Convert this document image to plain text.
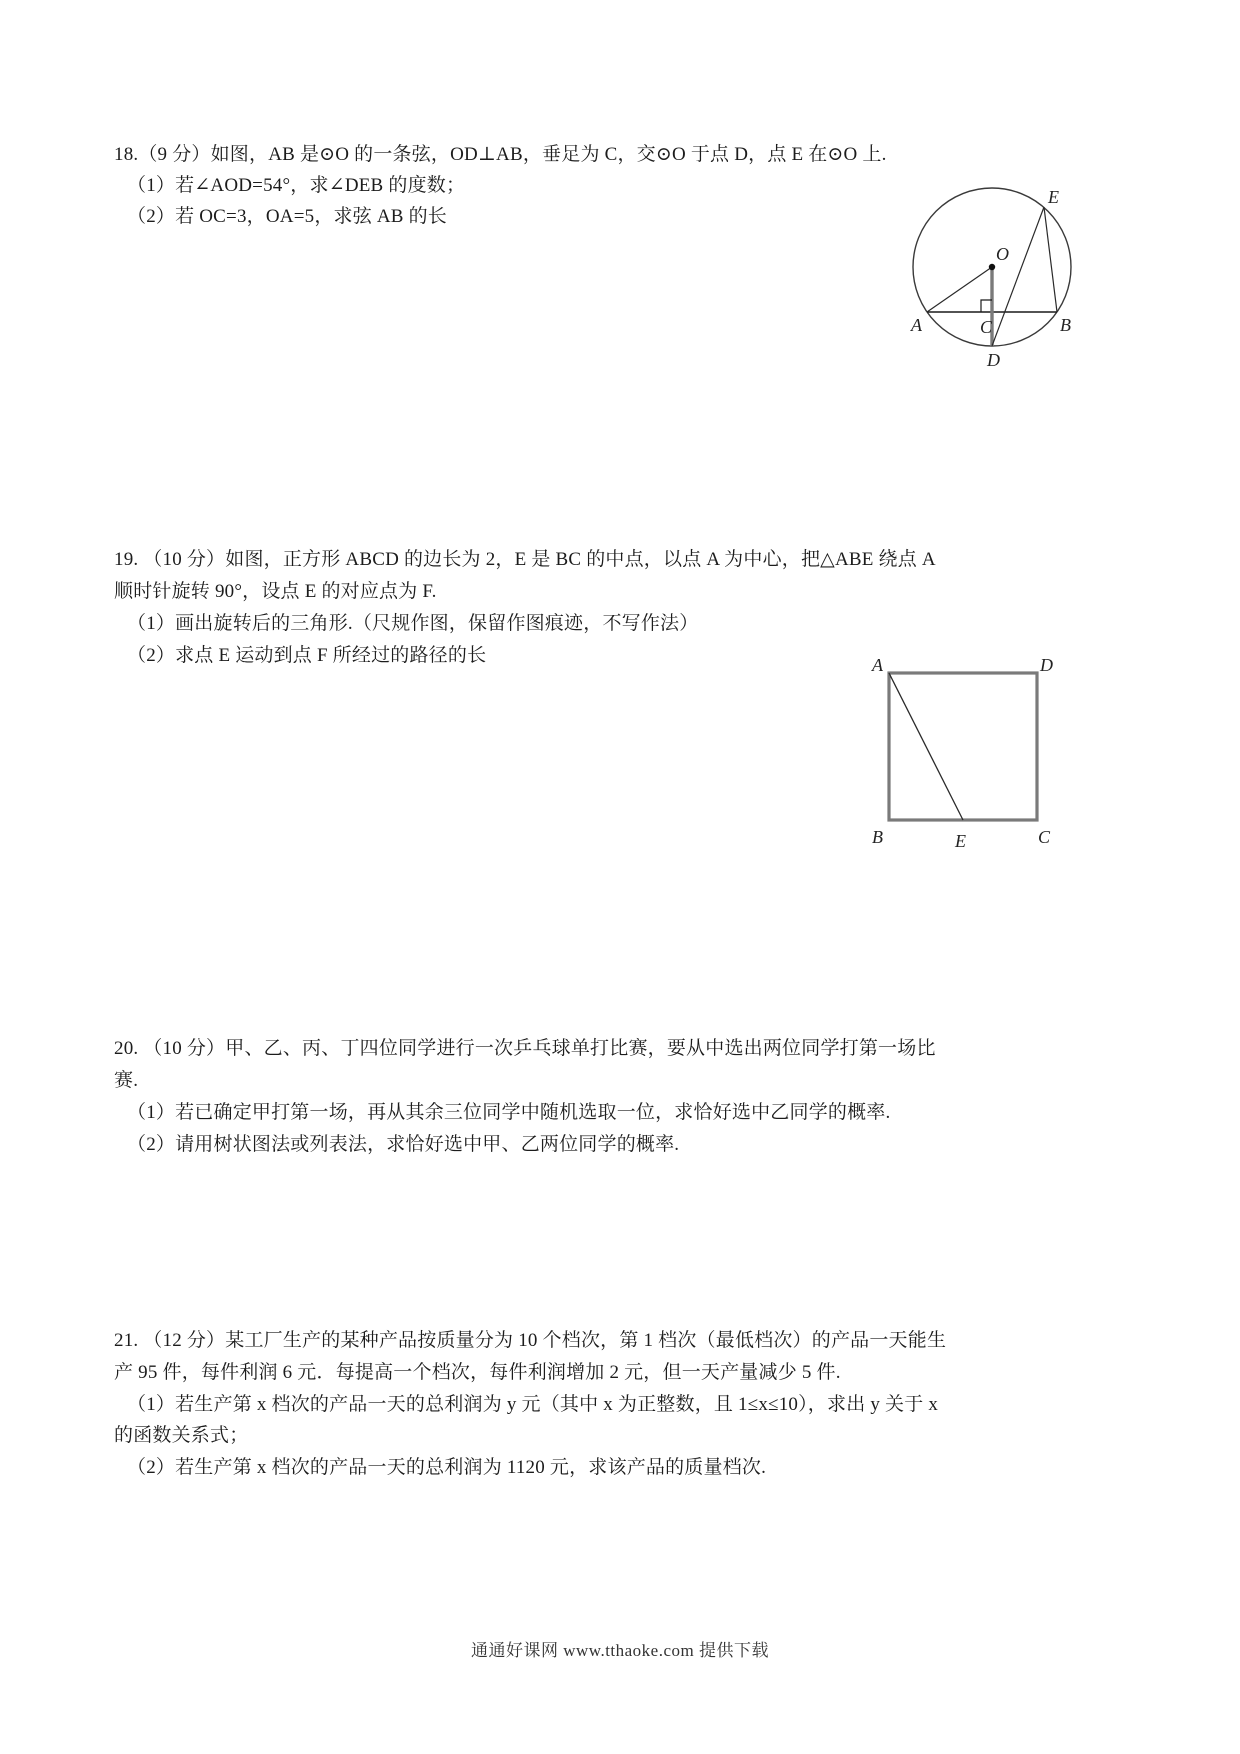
18.（9 分）如图，AB 是⊙O 的一条弦，OD⊥AB，垂足为 C，交⊙O 于点 D，点 E 在⊙O 上.
（1）若∠AOD=54°，求∠DEB 的度数；
（2）若 OC=3，OA=5，求弦 AB 的长
O
A	C	B
D
E
19. （10 分）如图，正方形 ABCD 的边长为 2，E 是 BC 的中点，以点 A 为中心，把△ABE 绕点 A
顺时针旋转 90°，设点 E 的对应点为 F.
（1）画出旋转后的三角形.（尺规作图，保留作图痕迹，不写作法）
（2）求点 E 运动到点 F 所经过的路径的长	A	D
B	E	C
20. （10 分）甲、乙、丙、丁四位同学进行一次乒乓球单打比赛，要从中选出两位同学打第一场比
赛.
（1）若已确定甲打第一场，再从其余三位同学中随机选取一位，求恰好选中乙同学的概率.
（2）请用树状图法或列表法，求恰好选中甲、乙两位同学的概率.
21. （12 分）某工厂生产的某种产品按质量分为 10 个档次，第 1 档次（最低档次）的产品一天能生
产 95 件，每件利润 6 元．每提高一个档次，每件利润增加 2 元，但一天产量减少 5 件.
（1）若生产第 x 档次的产品一天的总利润为 y 元（其中 x 为正整数，且 1≤x≤10），求出 y 关于 x
的函数关系式；
（2）若生产第 x 档次的产品一天的总利润为 1120 元，求该产品的质量档次.
通通好课网 www.tthaoke.com 提供下载
